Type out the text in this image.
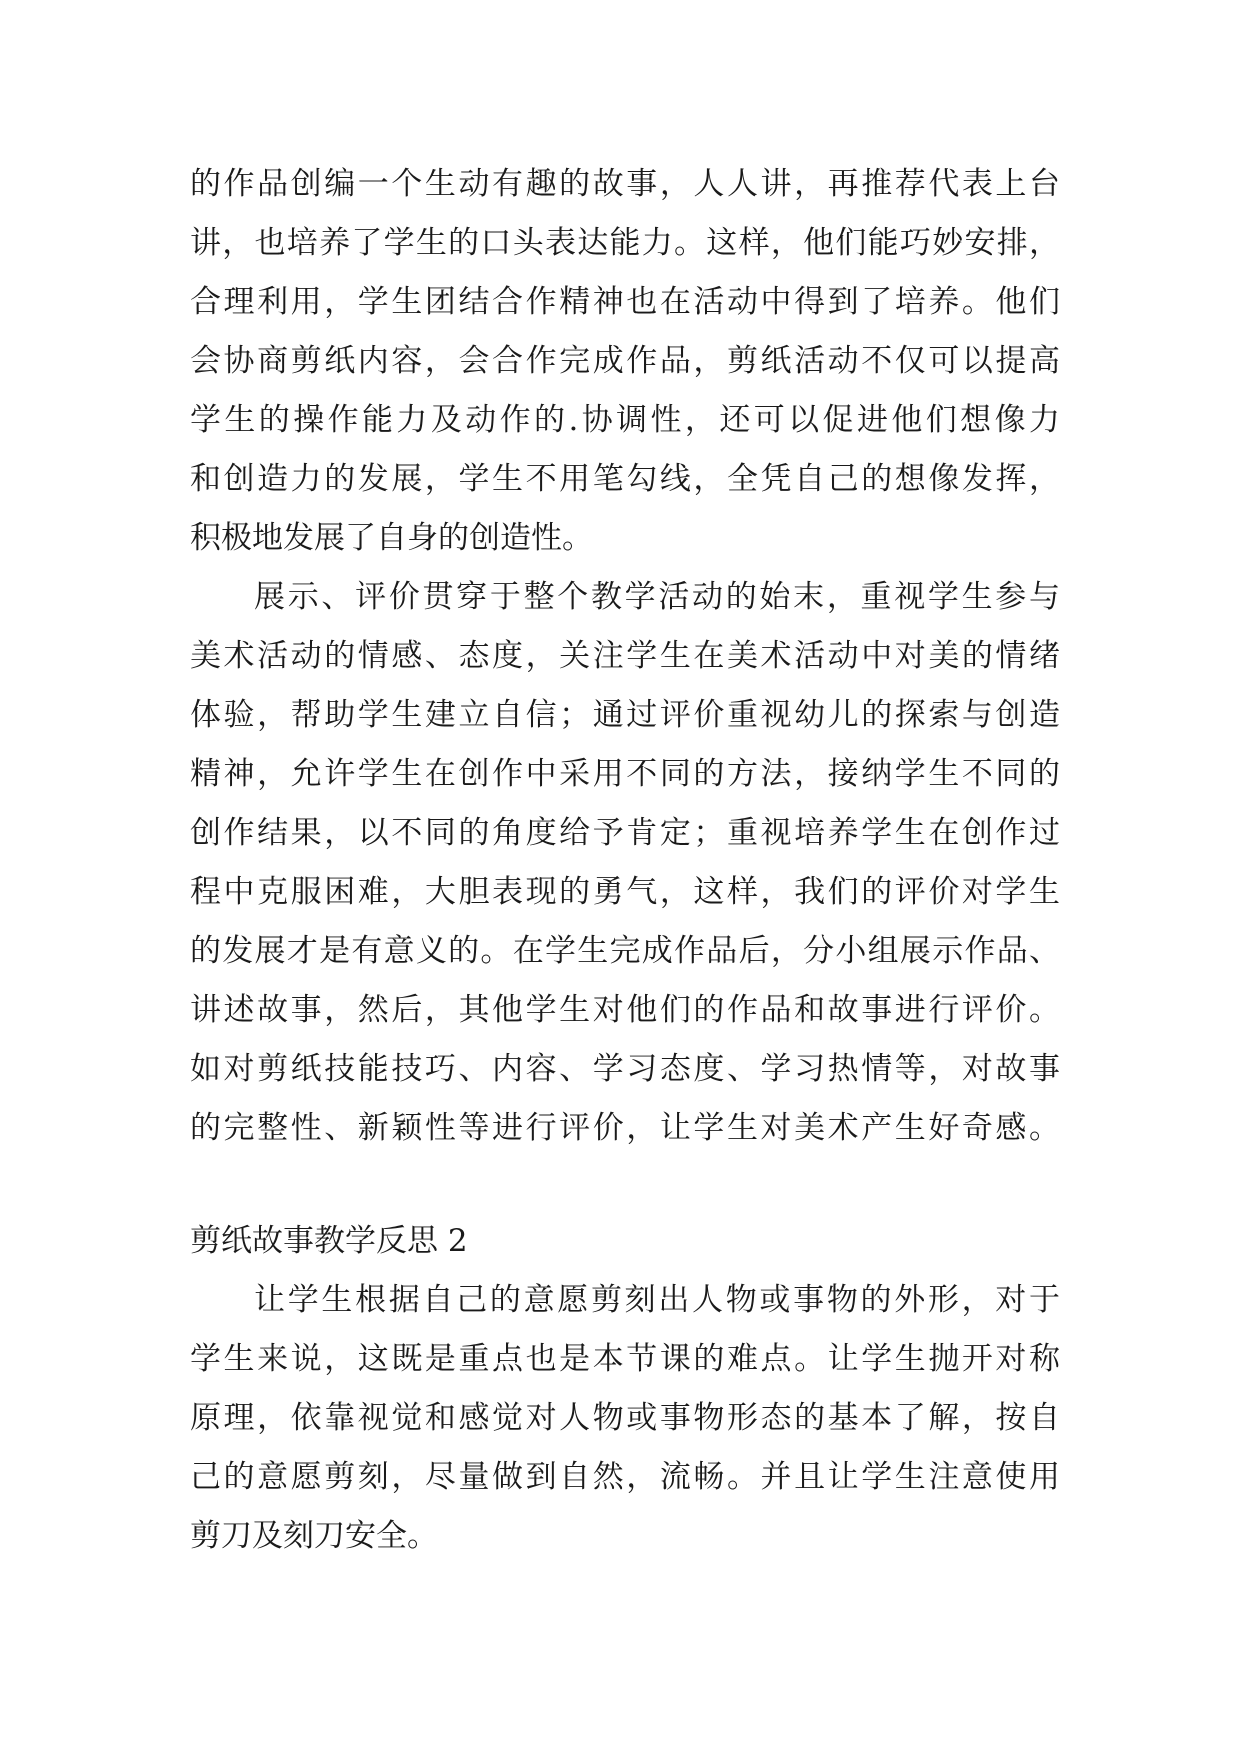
的作品创编一个生动有趣的故事，人人讲，再推荐代表上台
讲，也培养了学生的口头表达能力。这样，他们能巧妙安排，
合理利用，学生团结合作精神也在活动中得到了培养。他们
会协商剪纸内容，会合作完成作品，剪纸活动不仅可以提高
学生的操作能力及动作的.协调性，还可以促进他们想像力
和创造力的发展，学生不用笔勾线，全凭自己的想像发挥，
积极地发展了自身的创造性。
展示、评价贯穿于整个教学活动的始末，重视学生参与
美术活动的情感、态度，关注学生在美术活动中对美的情绪
体验，帮助学生建立自信；通过评价重视幼儿的探索与创造
精神，允许学生在创作中采用不同的方法，接纳学生不同的
创作结果，以不同的角度给予肯定；重视培养学生在创作过
程中克服困难，大胆表现的勇气，这样，我们的评价对学生
的发展才是有意义的。在学生完成作品后，分小组展示作品、
讲述故事，然后，其他学生对他们的作品和故事进行评价。
如对剪纸技能技巧、内容、学习态度、学习热情等，对故事
的完整性、新颖性等进行评价，让学生对美术产生好奇感。
剪纸故事教学反思 2
让学生根据自己的意愿剪刻出人物或事物的外形，对于
学生来说，这既是重点也是本节课的难点。让学生抛开对称
原理，依靠视觉和感觉对人物或事物形态的基本了解，按自
己的意愿剪刻，尽量做到自然，流畅。并且让学生注意使用
剪刀及刻刀安全。
